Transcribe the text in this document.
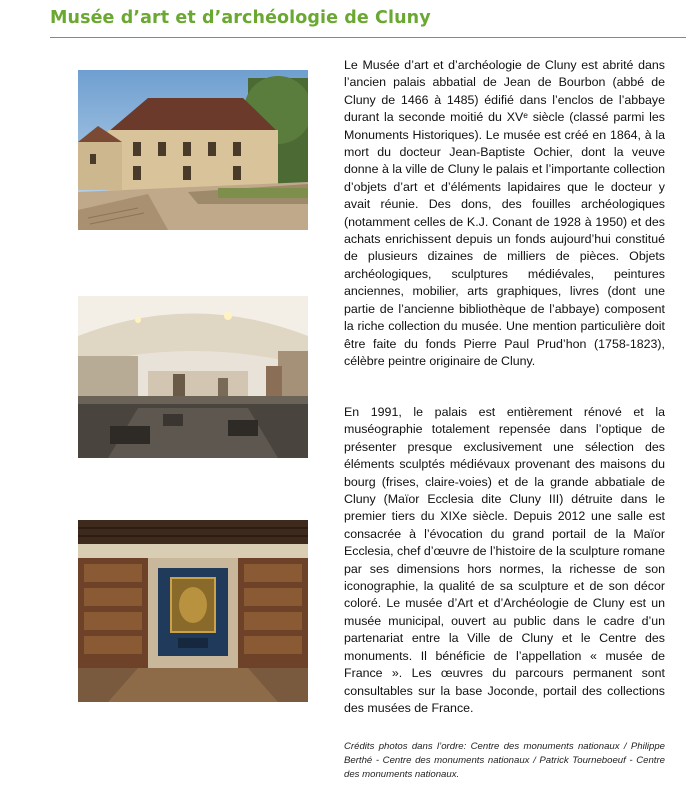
Musée d’art et d’archéologie de Cluny

Le Musée d’art et d’archéologie de Cluny est abrité dans l’ancien palais abbatial de Jean de Bourbon (abbé de Cluny de 1466 à 1485) édifié dans l’enclos de l’abbaye durant la seconde moitié du XVᵉ siècle (classé parmi les Monuments Historiques). Le musée est créé en 1864, à la mort du docteur Jean-Baptiste Ochier, dont la veuve donne à la ville de Cluny le palais et l’importante collection d’objets d’art et d’éléments lapidaires que le docteur y avait réunie. Des dons, des fouilles archéologiques (notamment celles de K.J. Conant de 1928 à 1950) et des achats enrichissent depuis un fonds aujourd’hui constitué de plusieurs dizaines de milliers de pièces. Objets archéologiques, sculptures médiévales, peintures anciennes, mobilier, arts graphiques, livres (dont une partie de l’ancienne bibliothèque de l’abbaye) composent la riche collection du musée. Une mention particulière doit être faite du fonds Pierre Paul Prud’hon (1758-1823), célèbre peintre originaire de Cluny.

En 1991, le palais est entièrement rénové et la muséographie totalement repensée dans l’optique de présenter presque exclusivement une sélection des éléments sculptés médiévaux provenant des maisons du bourg (frises, claire-voies) et de la grande abbatiale de Cluny (Maïor Ecclesia dite Cluny III) détruite dans le premier tiers du XIXe siècle. Depuis 2012 une salle est consacrée à l’évocation du grand portail de la Maïor Ecclesia, chef d’œuvre de l’histoire de la sculpture romane par ses dimensions hors normes, la richesse de son iconographie, la qualité de sa sculpture et de son décor coloré. Le musée d’Art et d’Archéologie de Cluny est un musée municipal, ouvert au public dans le cadre d’un partenariat entre la Ville de Cluny et le Centre des monuments. Il bénéficie de l’appellation « musée de France ». Les œuvres du parcours permanent sont consultables sur la base Joconde, portail des collections des musées de France.

Crédits photos dans l’ordre: Centre des monuments nationaux / Philippe Berthé - Centre des monuments nationaux / Patrick Tourneboeuf - Centre des monuments nationaux.
